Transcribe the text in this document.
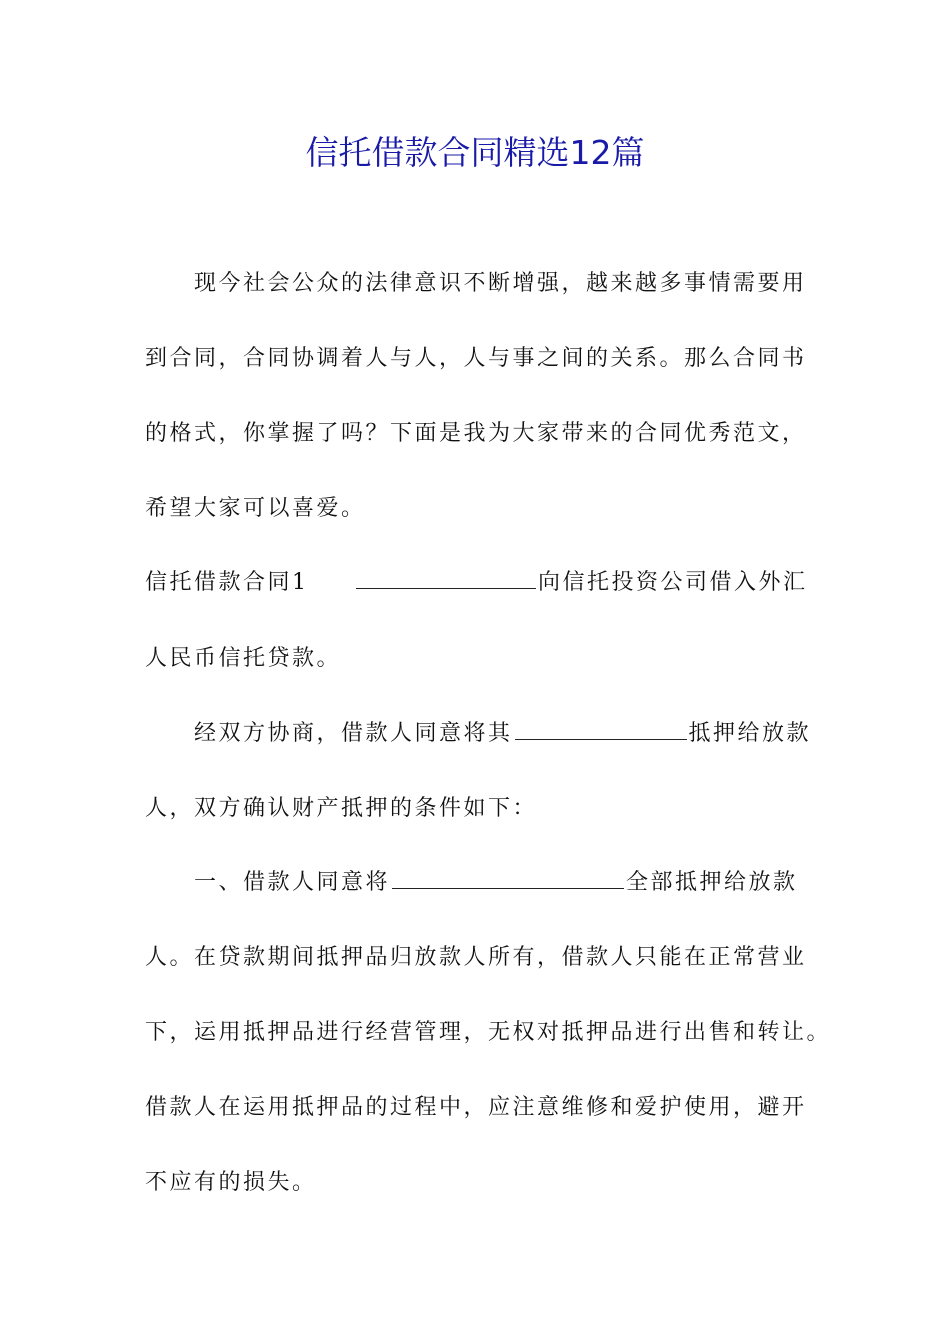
信托借款合同精选12篇
现今社会公众的法律意识不断增强，越来越多事情需要用
到合同，合同协调着人与人，人与事之间的关系。那么合同书
的格式，你掌握了吗？下面是我为大家带来的合同优秀范文，
希望大家可以喜爱。
信托借款合同1	向信托投资公司借入外汇
人民币信托贷款。
经双方协商，借款人同意将其	抵押给放款
人，双方确认财产抵押的条件如下：
一、借款人同意将	全部抵押给放款
人。在贷款期间抵押品归放款人所有，借款人只能在正常营业
下，运用抵押品进行经营管理，无权对抵押品进行出售和转让。
借款人在运用抵押品的过程中，应注意维修和爱护使用，避开
不应有的损失。
